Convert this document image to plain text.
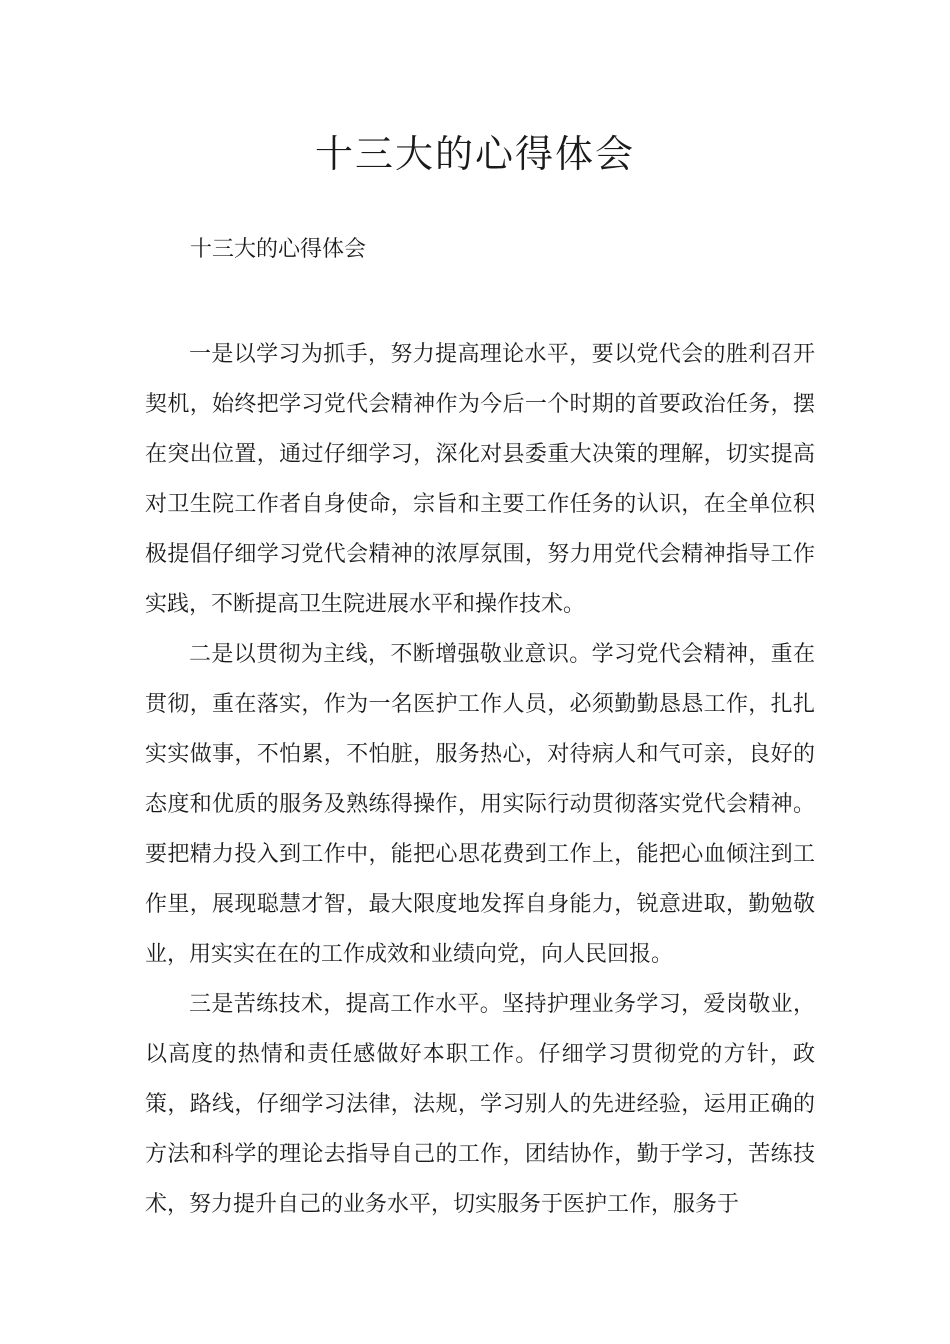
十三大的心得体会

十三大的心得体会

一是以学习为抓手，努力提高理论水平，要以党代会的胜利召开契机，始终把学习党代会精神作为今后一个时期的首要政治任务，摆在突出位置，通过仔细学习，深化对县委重大决策的理解，切实提高对卫生院工作者自身使命，宗旨和主要工作任务的认识，在全单位积极提倡仔细学习党代会精神的浓厚氛围，努力用党代会精神指导工作实践，不断提高卫生院进展水平和操作技术。

二是以贯彻为主线，不断增强敬业意识。学习党代会精神，重在贯彻，重在落实，作为一名医护工作人员，必须勤勤恳恳工作，扎扎实实做事，不怕累，不怕脏，服务热心，对待病人和气可亲，良好的态度和优质的服务及熟练得操作，用实际行动贯彻落实党代会精神。要把精力投入到工作中，能把心思花费到工作上，能把心血倾注到工作里，展现聪慧才智，最大限度地发挥自身能力，锐意进取，勤勉敬业，用实实在在的工作成效和业绩向党，向人民回报。

三是苦练技术，提高工作水平。坚持护理业务学习，爱岗敬业，以高度的热情和责任感做好本职工作。仔细学习贯彻党的方针，政策，路线，仔细学习法律，法规，学习别人的先进经验，运用正确的方法和科学的理论去指导自己的工作，团结协作，勤于学习，苦练技术，努力提升自己的业务水平，切实服务于医护工作，服务于
